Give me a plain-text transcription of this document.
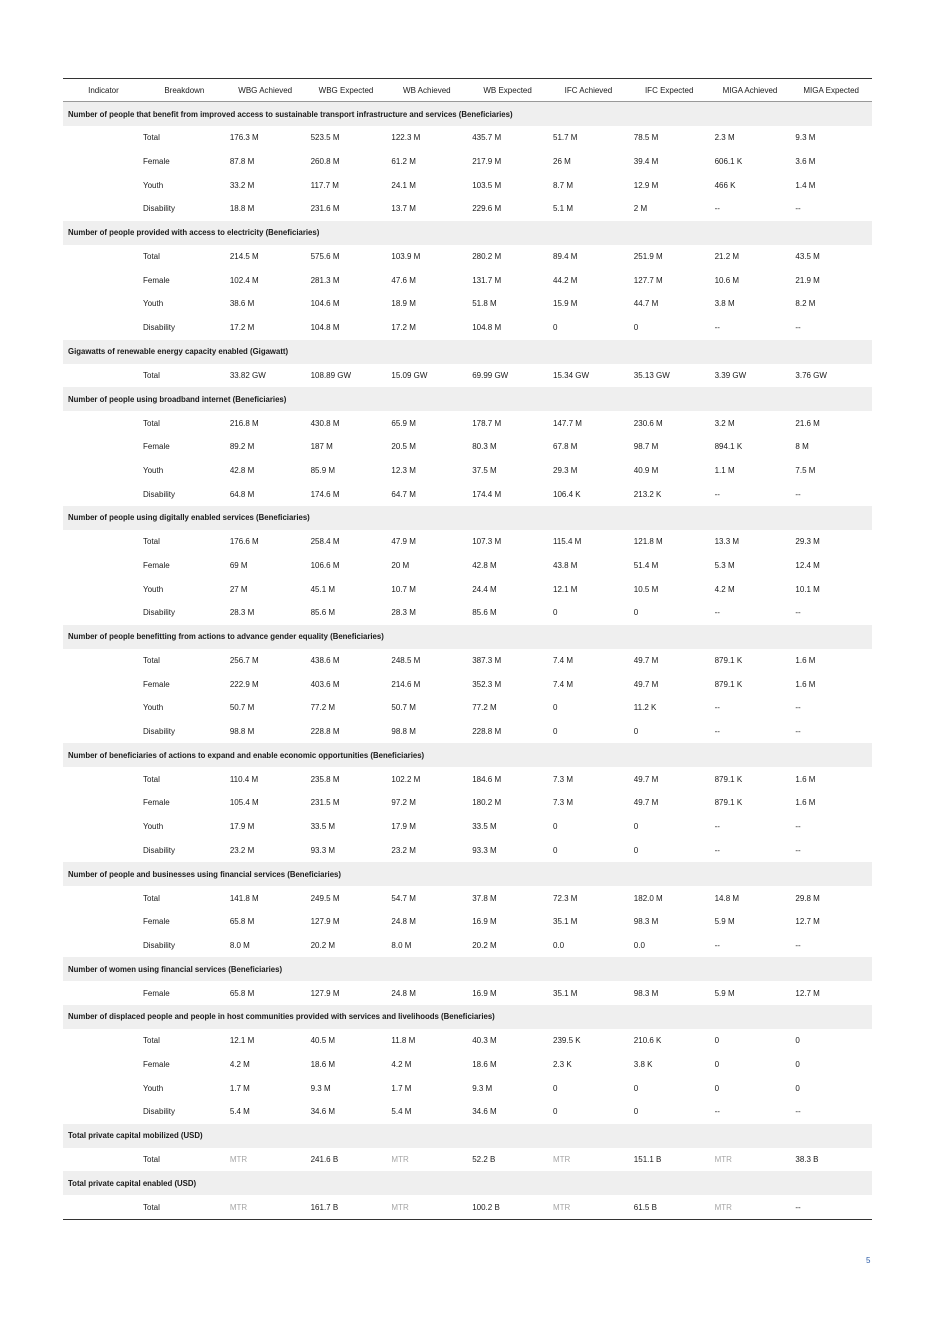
Indicator	Breakdown	WBG Achieved	WBG Expected	WB Achieved	WB Expected	IFC Achieved	IFC Expected	MIGA Achieved	MIGA Expected
Number of people that benefit from improved access to sustainable transport infrastructure and services (Beneficiaries)									
Total		176.3 M	523.5 M	122.3 M	435.7 M	51.7 M	78.5 M	2.3 M	9.3 M
Female		87.8 M	260.8 M	61.2 M	217.9 M	26 M	39.4 M	606.1 K	3.6 M
Youth		33.2 M	117.7 M	24.1 M	103.5 M	8.7 M	12.9 M	466 K	1.4 M
Disability		18.8 M	231.6 M	13.7 M	229.6 M	5.1 M	2 M	--	--
Number of people provided with access to electricity (Beneficiaries)									
Total		214.5 M	575.6 M	103.9 M	280.2 M	89.4 M	251.9 M	21.2 M	43.5 M
Female		102.4 M	281.3 M	47.6 M	131.7 M	44.2 M	127.7 M	10.6 M	21.9 M
Youth		38.6 M	104.6 M	18.9 M	51.8 M	15.9 M	44.7 M	3.8 M	8.2 M
Disability		17.2 M	104.8 M	17.2 M	104.8 M	0	0	--	--
Gigawatts of renewable energy capacity enabled (Gigawatt)									
Total		33.82 GW	108.89 GW	15.09 GW	69.99 GW	15.34 GW	35.13 GW	3.39 GW	3.76 GW
Number of people using broadband internet (Beneficiaries)									
Total		216.8 M	430.8 M	65.9 M	178.7 M	147.7 M	230.6 M	3.2 M	21.6 M
Female		89.2 M	187 M	20.5 M	80.3 M	67.8 M	98.7 M	894.1 K	8 M
Youth		42.8 M	85.9 M	12.3 M	37.5 M	29.3 M	40.9 M	1.1 M	7.5 M
Disability		64.8 M	174.6 M	64.7 M	174.4 M	106.4 K	213.2 K	--	--
Number of people using digitally enabled services (Beneficiaries)									
Total		176.6 M	258.4 M	47.9 M	107.3 M	115.4 M	121.8 M	13.3 M	29.3 M
Female		69 M	106.6 M	20 M	42.8 M	43.8 M	51.4 M	5.3 M	12.4 M
Youth		27 M	45.1 M	10.7 M	24.4 M	12.1 M	10.5 M	4.2 M	10.1 M
Disability		28.3 M	85.6 M	28.3 M	85.6 M	0	0	--	--
Number of people benefitting from actions to advance gender equality (Beneficiaries)									
Total		256.7 M	438.6 M	248.5 M	387.3 M	7.4 M	49.7 M	879.1 K	1.6 M
Female		222.9 M	403.6 M	214.6 M	352.3 M	7.4 M	49.7 M	879.1 K	1.6 M
Youth		50.7 M	77.2 M	50.7 M	77.2 M	0	11.2 K	--	--
Disability		98.8 M	228.8 M	98.8 M	228.8 M	0	0	--	--
Number of beneficiaries of actions to expand and enable economic opportunities (Beneficiaries)									
Total		110.4 M	235.8 M	102.2 M	184.6 M	7.3 M	49.7 M	879.1 K	1.6 M
Female		105.4 M	231.5 M	97.2 M	180.2 M	7.3 M	49.7 M	879.1 K	1.6 M
Youth		17.9 M	33.5 M	17.9 M	33.5 M	0	0	--	--
Disability		23.2 M	93.3 M	23.2 M	93.3 M	0	0	--	--
Number of people and businesses using financial services (Beneficiaries)									
Total		141.8 M	249.5 M	54.7 M	37.8 M	72.3 M	182.0 M	14.8 M	29.8 M
Female		65.8 M	127.9 M	24.8 M	16.9 M	35.1 M	98.3 M	5.9 M	12.7 M
Disability		8.0 M	20.2 M	8.0 M	20.2 M	0.0	0.0	--	--
Number of women using financial services (Beneficiaries)									
Female		65.8 M	127.9 M	24.8 M	16.9 M	35.1 M	98.3 M	5.9 M	12.7 M
Number of displaced people and people in host communities provided with services and livelihoods (Beneficiaries)									
Total		12.1 M	40.5 M	11.8 M	40.3 M	239.5 K	210.6 K	0	0
Female		4.2 M	18.6 M	4.2 M	18.6 M	2.3 K	3.8 K	0	0
Youth		1.7 M	9.3 M	1.7 M	9.3 M	0	0	0	0
Disability		5.4 M	34.6 M	5.4 M	34.6 M	0	0	--	--
Total private capital mobilized (USD)									
Total		MTR	241.6 B	MTR	52.2 B	MTR	151.1 B	MTR	38.3 B
Total private capital enabled (USD)									
Total		MTR	161.7 B	MTR	100.2 B	MTR	61.5 B	MTR	--
5
